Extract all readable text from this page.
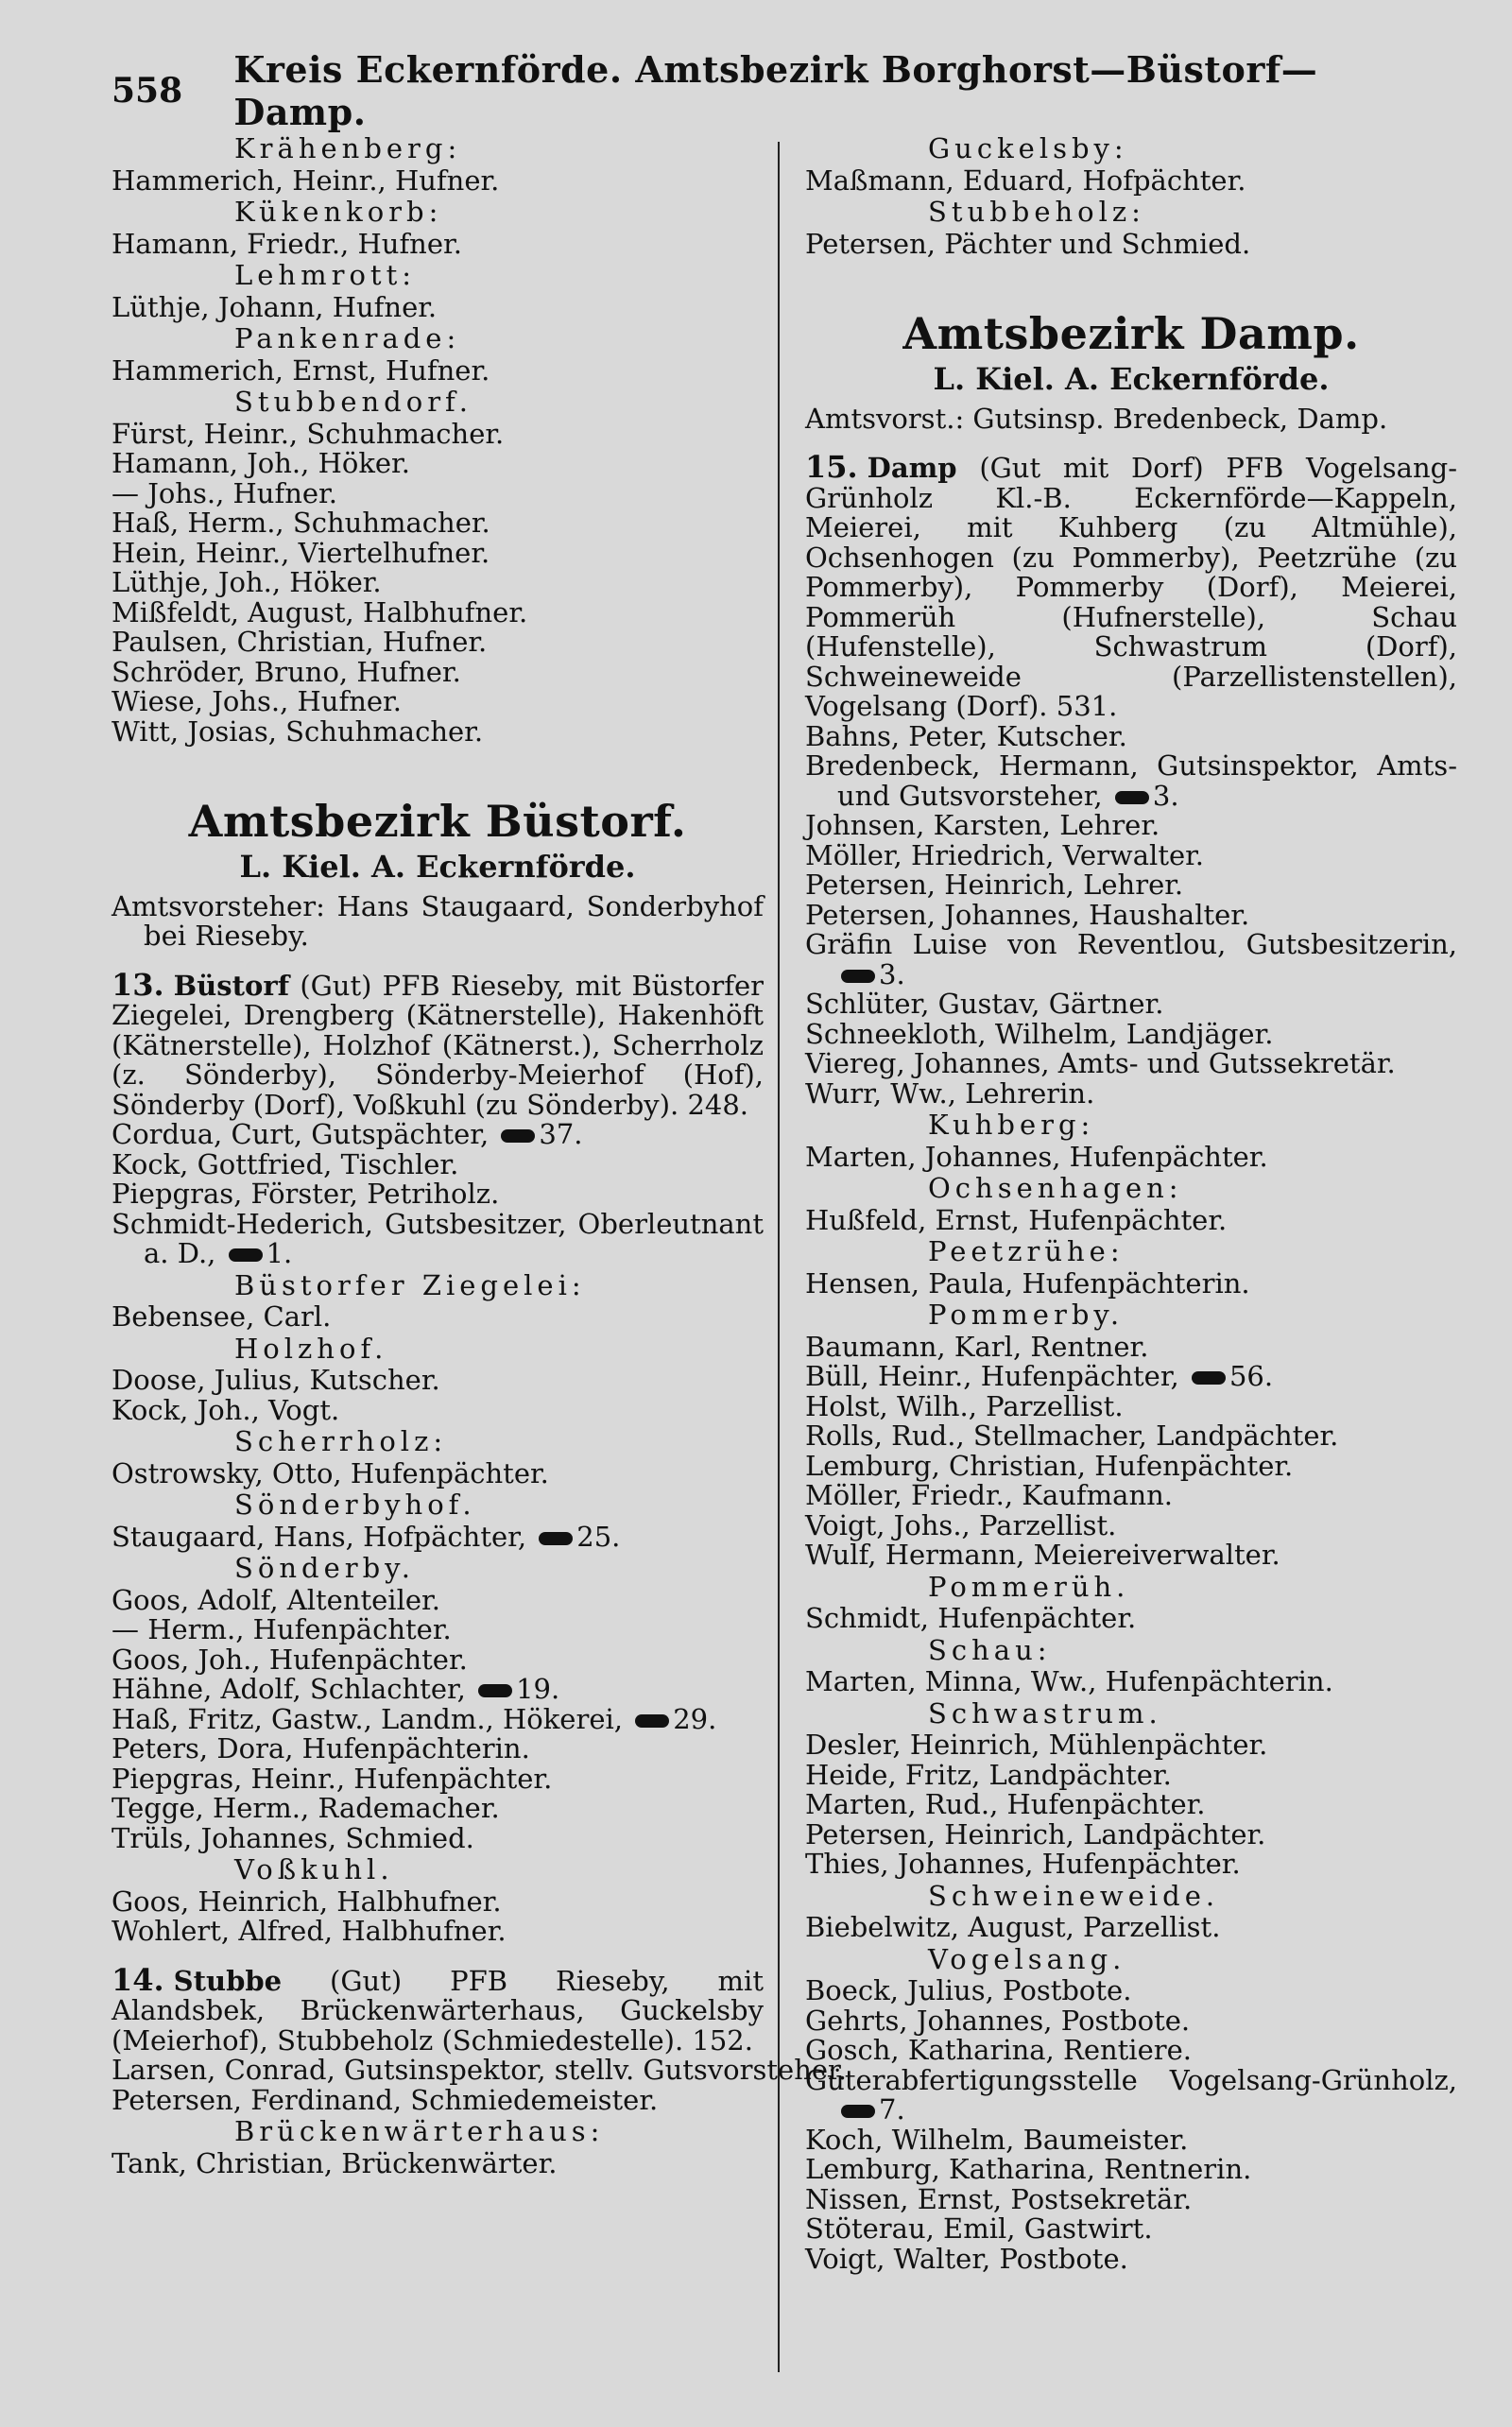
558	Kreis Eckernförde. Amtsbezirk Borghorst—Büstorf—Damp.

Krähenberg:

Hammerich, Heinr., Hufner.

Kükenkorb:

Hamann, Friedr., Hufner.

Lehmrott:

Lüthje, Johann, Hufner.

Pankenrade:

Hammerich, Ernst, Hufner.

Stubbendorf.

Fürst, Heinr., Schuhmacher.

Hamann, Joh., Höker.

— Johs., Hufner.

Haß, Herm., Schuhmacher.

Hein, Heinr., Viertelhufner.

Lüthje, Joh., Höker.

Mißfeldt, August, Halbhufner.

Paulsen, Christian, Hufner.

Schröder, Bruno, Hufner.

Wiese, Johs., Hufner.

Witt, Josias, Schuhmacher.

Amtsbezirk Büstorf.
L. Kiel. A. Eckernförde.

Amtsvorsteher: Hans Staugaard, Sonderbyhof bei Rieseby.

13. Büstorf (Gut) PFB Rieseby, mit Büstorfer Ziegelei, Drengberg (Kätnerstelle), Hakenhöft (Kätnerstelle), Holzhof (Kätnerst.), Scherrholz (z. Sönderby), Sönderby-Meierhof (Hof), Sönderby (Dorf), Voßkuhl (zu Sönderby). 248.

Cordua, Curt, Gutspächter, 37.

Kock, Gottfried, Tischler.

Piepgras, Förster, Petriholz.

Schmidt-Hederich, Gutsbesitzer, Oberleutnant a. D., 1.

Büstorfer Ziegelei:

Bebensee, Carl.

Holzhof.

Doose, Julius, Kutscher.

Kock, Joh., Vogt.

Scherrholz:

Ostrowsky, Otto, Hufenpächter.

Sönderbyhof.

Staugaard, Hans, Hofpächter, 25.

Sönderby.

Goos, Adolf, Altenteiler.

— Herm., Hufenpächter.

Goos, Joh., Hufenpächter.

Hähne, Adolf, Schlachter, 19.

Haß, Fritz, Gastw., Landm., Hökerei, 29.

Peters, Dora, Hufenpächterin.

Piepgras, Heinr., Hufenpächter.

Tegge, Herm., Rademacher.

Trüls, Johannes, Schmied.

Voßkuhl.

Goos, Heinrich, Halbhufner.

Wohlert, Alfred, Halbhufner.

14. Stubbe (Gut) PFB Rieseby, mit Alandsbek, Brückenwärterhaus, Guckelsby (Meierhof), Stubbeholz (Schmiedestelle). 152.

Larsen, Conrad, Gutsinspektor, stellv. Gutsvorsteher.

Petersen, Ferdinand, Schmiedemeister.

Brückenwärterhaus:

Tank, Christian, Brückenwärter.

Guckelsby:

Maßmann, Eduard, Hofpächter.

Stubbeholz:

Petersen, Pächter und Schmied.

Amtsbezirk Damp.
L. Kiel. A. Eckernförde.

Amtsvorst.: Gutsinsp. Bredenbeck, Damp.

15. Damp (Gut mit Dorf) PFB Vogelsang-Grünholz Kl.-B. Eckernförde—Kappeln, Meierei, mit Kuhberg (zu Altmühle), Ochsenhogen (zu Pommerby), Peetzrühe (zu Pommerby), Pommerby (Dorf), Meierei, Pommerüh (Hufnerstelle), Schau (Hufenstelle), Schwastrum (Dorf), Schweineweide (Parzellistenstellen), Vogelsang (Dorf). 531.

Bahns, Peter, Kutscher.

Bredenbeck, Hermann, Gutsinspektor, Amts- und Gutsvorsteher, 3.

Johnsen, Karsten, Lehrer.

Möller, Hriedrich, Verwalter.

Petersen, Heinrich, Lehrer.

Petersen, Johannes, Haushalter.

Gräfin Luise von Reventlou, Gutsbesitzerin, 3.

Schlüter, Gustav, Gärtner.

Schneekloth, Wilhelm, Landjäger.

Viereg, Johannes, Amts- und Gutssekretär.

Wurr, Ww., Lehrerin.

Kuhberg:

Marten, Johannes, Hufenpächter.

Ochsenhagen:

Hußfeld, Ernst, Hufenpächter.

Peetzrühe:

Hensen, Paula, Hufenpächterin.

Pommerby.

Baumann, Karl, Rentner.

Büll, Heinr., Hufenpächter, 56.

Holst, Wilh., Parzellist.

Rolls, Rud., Stellmacher, Landpächter.

Lemburg, Christian, Hufenpächter.

Möller, Friedr., Kaufmann.

Voigt, Johs., Parzellist.

Wulf, Hermann, Meiereiverwalter.

Pommerüh.

Schmidt, Hufenpächter.

Schau:

Marten, Minna, Ww., Hufenpächterin.

Schwastrum.

Desler, Heinrich, Mühlenpächter.

Heide, Fritz, Landpächter.

Marten, Rud., Hufenpächter.

Petersen, Heinrich, Landpächter.

Thies, Johannes, Hufenpächter.

Schweineweide.

Biebelwitz, August, Parzellist.

Vogelsang.

Boeck, Julius, Postbote.

Gehrts, Johannes, Postbote.

Gosch, Katharina, Rentiere.

Güterabfertigungsstelle Vogelsang-Grünholz, 7.

Koch, Wilhelm, Baumeister.

Lemburg, Katharina, Rentnerin.

Nissen, Ernst, Postsekretär.

Stöterau, Emil, Gastwirt.

Voigt, Walter, Postbote.
